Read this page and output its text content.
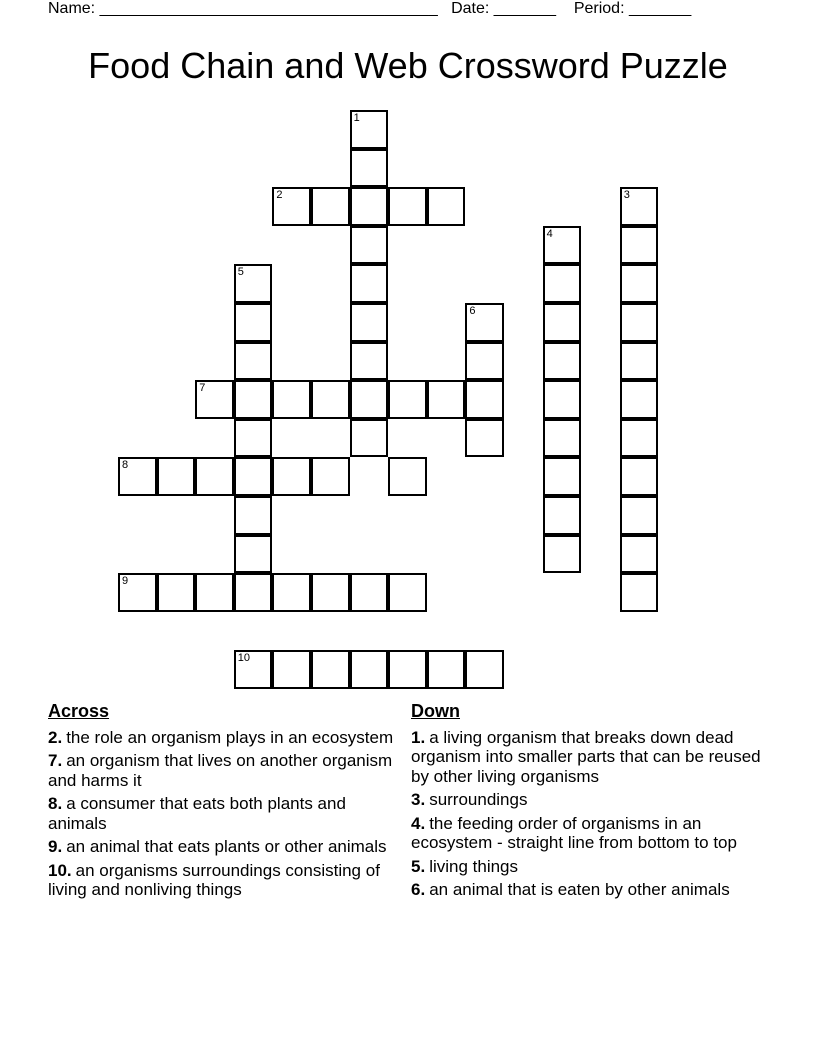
Name: ______________________________________ Date: _______ Period: _______
Food Chain and Web Crossword Puzzle
1
2	3
4
5
6
7
8
9
10
Across
2. the role an organism plays in an ecosystem
7. an organism that lives on another organism and harms it
8. a consumer that eats both plants and animals
9. an animal that eats plants or other animals
10. an organisms surroundings consisting of living and nonliving things
Down
1. a living organism that breaks down dead organism into smaller parts that can be reused by other living organisms
3. surroundings
4. the feeding order of organisms in an ecosystem - straight line from bottom to top
5. living things
6. an animal that is eaten by other animals
